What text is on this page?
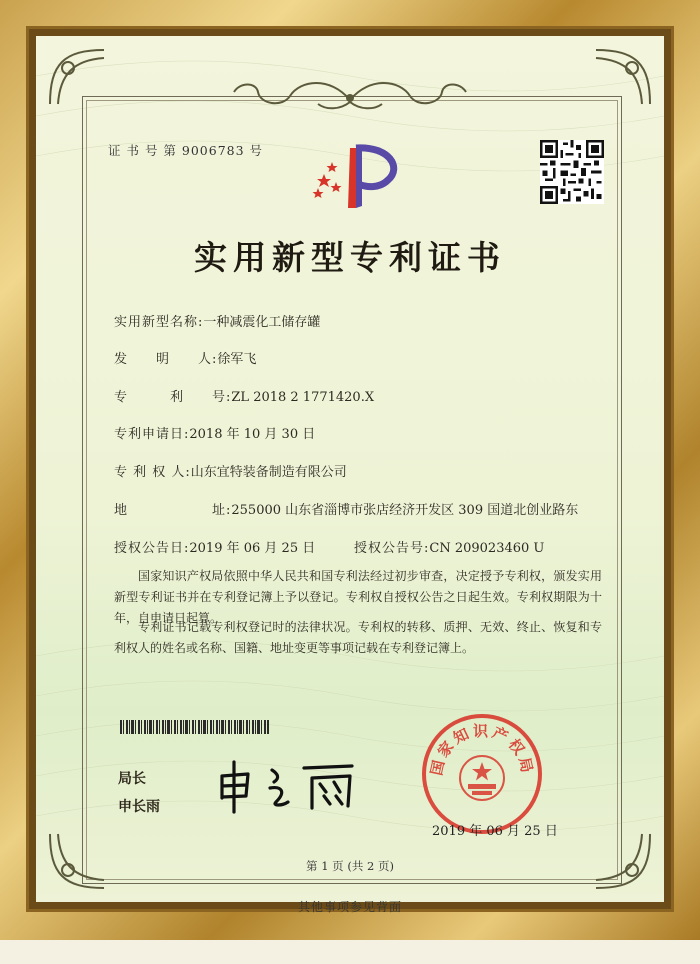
证 书 号 第 9006783 号
实用新型专利证书
实用新型名称:一种减震化工储存罐
发　　明　　人:徐军飞
专　　　利　　号:ZL 2018 2 1771420.X
专利申请日:2018 年 10 月 30 日
专 利 权 人:山东宜特装备制造有限公司
地　　　　　　址:255000 山东省淄博市张店经济开发区 309 国道北创业路东
授权公告日:2019 年 06 月 25 日	授权公告号:CN 209023460 U
国家知识产权局依照中华人民共和国专利法经过初步审查，决定授予专利权，颁发实用新型专利证书并在专利登记簿上予以登记。专利权自授权公告之日起生效。专利权期限为十年，自申请日起算。
专利证书记载专利权登记时的法律状况。专利权的转移、质押、无效、终止、恢复和专利权人的姓名或名称、国籍、地址变更等事项记载在专利登记簿上。
局长
申长雨
国家知识产权局
2019 年 06 月 25 日
第 1 页 (共 2 页)
其他事项参见背面
